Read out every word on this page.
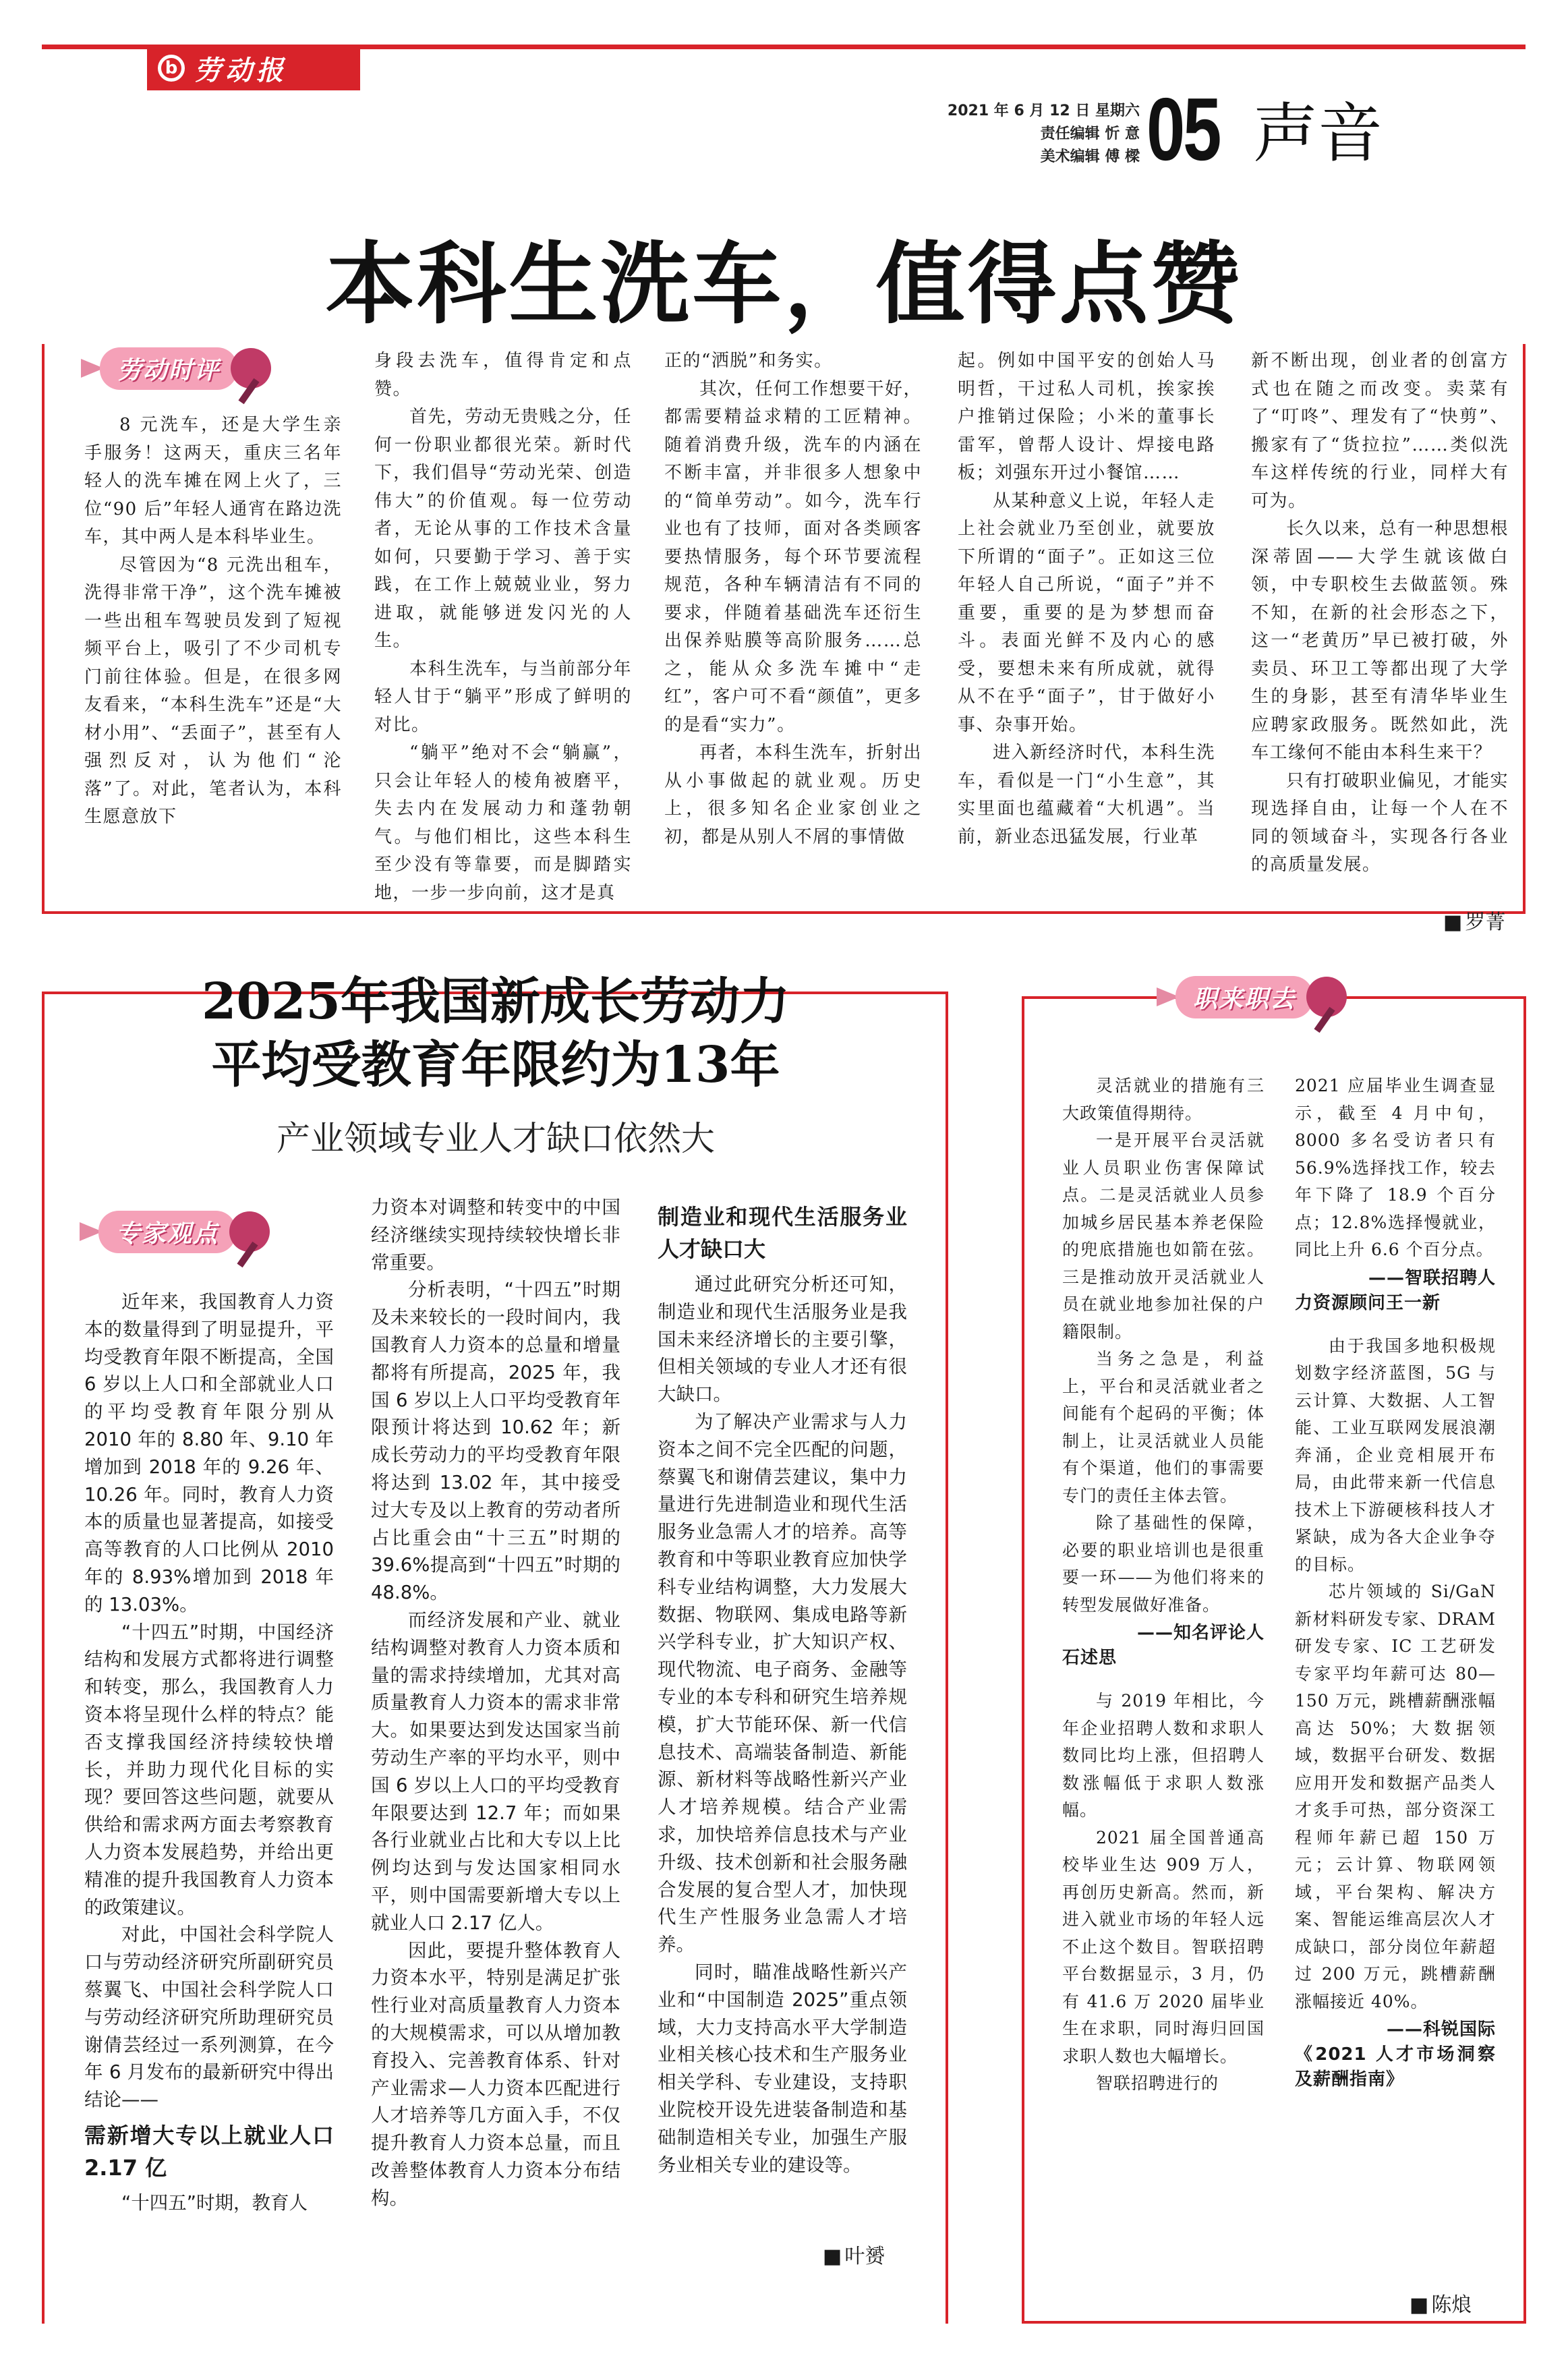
b 劳动报
2021 年 6 月 12 日 星期六
责任编辑 忻 意
美术编辑 傅 樑 05 声音
本科生洗车，值得点赞
劳动时评

8 元洗车，还是大学生亲手服务！这两天，重庆三名年轻人的洗车摊在网上火了，三位“90 后”年轻人通宵在路边洗车，其中两人是本科毕业生。

尽管因为“8 元洗出租车，洗得非常干净”，这个洗车摊被一些出租车驾驶员发到了短视频平台上，吸引了不少司机专门前往体验。但是，在很多网友看来，“本科生洗车”还是“大材小用”、“丢面子”，甚至有人强烈反对，认为他们“沦落”了。对此，笔者认为，本科生愿意放下

身段去洗车，值得肯定和点赞。

首先，劳动无贵贱之分，任何一份职业都很光荣。新时代下，我们倡导“劳动光荣、创造伟大”的价值观。每一位劳动者，无论从事的工作技术含量如何，只要勤于学习、善于实践，在工作上兢兢业业，努力进取，就能够迸发闪光的人生。

本科生洗车，与当前部分年轻人甘于“躺平”形成了鲜明的对比。

“躺平”绝对不会“躺赢”，只会让年轻人的棱角被磨平，失去内在发展动力和蓬勃朝气。与他们相比，这些本科生至少没有等靠要，而是脚踏实地，一步一步向前，这才是真

正的“洒脱”和务实。

其次，任何工作想要干好，都需要精益求精的工匠精神。随着消费升级，洗车的内涵在不断丰富，并非很多人想象中的“简单劳动”。如今，洗车行业也有了技师，面对各类顾客要热情服务，每个环节要流程规范，各种车辆清洁有不同的要求，伴随着基础洗车还衍生出保养贴膜等高阶服务……总之，能从众多洗车摊中“走红”，客户可不看“颜值”，更多的是看“实力”。

再者，本科生洗车，折射出从小事做起的就业观。历史上，很多知名企业家创业之初，都是从别人不屑的事情做

起。例如中国平安的创始人马明哲，干过私人司机，挨家挨户推销过保险；小米的董事长雷军，曾帮人设计、焊接电路板；刘强东开过小餐馆……

从某种意义上说，年轻人走上社会就业乃至创业，就要放下所谓的“面子”。正如这三位年轻人自己所说，“面子”并不重要，重要的是为梦想而奋斗。表面光鲜不及内心的感受，要想未来有所成就，就得从不在乎“面子”，甘于做好小事、杂事开始。

进入新经济时代，本科生洗车，看似是一门“小生意”，其实里面也蕴藏着“大机遇”。当前，新业态迅猛发展，行业革

新不断出现，创业者的创富方式也在随之而改变。卖菜有了“叮咚”、理发有了“快剪”、搬家有了“货拉拉”……类似洗车这样传统的行业，同样大有可为。

长久以来，总有一种思想根深蒂固——大学生就该做白领，中专职校生去做蓝领。殊不知，在新的社会形态之下，这一“老黄历”早已被打破，外卖员、环卫工等都出现了大学生的身影，甚至有清华毕业生应聘家政服务。既然如此，洗车工缘何不能由本科生来干？

只有打破职业偏见，才能实现选择自由，让每一个人在不同的领域奋斗，实现各行各业的高质量发展。

■ 罗菁
2025年我国新成长劳动力
平均受教育年限约为13年
产业领域专业人才缺口依然大
专家观点

近年来，我国教育人力资本的数量得到了明显提升，平均受教育年限不断提高，全国 6 岁以上人口和全部就业人口的平均受教育年限分别从 2010 年的 8.80 年、9.10 年增加到 2018 年的 9.26 年、10.26 年。同时，教育人力资本的质量也显著提高，如接受高等教育的人口比例从 2010 年的 8.93%增加到 2018 年的 13.03%。

“十四五”时期，中国经济结构和发展方式都将进行调整和转变，那么，我国教育人力资本将呈现什么样的特点？能否支撑我国经济持续较快增长，并助力现代化目标的实现？要回答这些问题，就要从供给和需求两方面去考察教育人力资本发展趋势，并给出更精准的提升我国教育人力资本的政策建议。

对此，中国社会科学院人口与劳动经济研究所副研究员蔡翼飞、中国社会科学院人口与劳动经济研究所助理研究员谢倩芸经过一系列测算，在今年 6 月发布的最新研究中得出结论——

需新增大专以上就业人口 2.17 亿

“十四五”时期，教育人

力资本对调整和转变中的中国经济继续实现持续较快增长非常重要。

分析表明，“十四五”时期及未来较长的一段时间内，我国教育人力资本的总量和增量都将有所提高，2025 年，我国 6 岁以上人口平均受教育年限预计将达到 10.62 年；新成长劳动力的平均受教育年限将达到 13.02 年，其中接受过大专及以上教育的劳动者所占比重会由“十三五”时期的 39.6%提高到“十四五”时期的 48.8%。

而经济发展和产业、就业结构调整对教育人力资本质和量的需求持续增加，尤其对高质量教育人力资本的需求非常大。如果要达到发达国家当前劳动生产率的平均水平，则中国 6 岁以上人口的平均受教育年限要达到 12.7 年；而如果各行业就业占比和大专以上比例均达到与发达国家相同水平，则中国需要新增大专以上就业人口 2.17 亿人。

因此，要提升整体教育人力资本水平，特别是满足扩张性行业对高质量教育人力资本的大规模需求，可以从增加教育投入、完善教育体系、针对产业需求—人力资本匹配进行人才培养等几方面入手，不仅提升教育人力资本总量，而且改善整体教育人力资本分布结构。

制造业和现代生活服务业人才缺口大

通过此研究分析还可知，制造业和现代生活服务业是我国未来经济增长的主要引擎，但相关领域的专业人才还有很大缺口。

为了解决产业需求与人力资本之间不完全匹配的问题，蔡翼飞和谢倩芸建议，集中力量进行先进制造业和现代生活服务业急需人才的培养。高等教育和中等职业教育应加快学科专业结构调整，大力发展大数据、物联网、集成电路等新兴学科专业，扩大知识产权、现代物流、电子商务、金融等专业的本专科和研究生培养规模，扩大节能环保、新一代信息技术、高端装备制造、新能源、新材料等战略性新兴产业人才培养规模。结合产业需求，加快培养信息技术与产业升级、技术创新和社会服务融合发展的复合型人才，加快现代生产性服务业急需人才培养。

同时，瞄准战略性新兴产业和“中国制造 2025”重点领域，大力支持高水平大学制造业相关核心技术和生产服务业相关学科、专业建设，支持职业院校开设先进装备制造和基础制造相关专业，加强生产服务业相关专业的建设等。

■ 叶赟
职来职去

灵活就业的措施有三大政策值得期待。

一是开展平台灵活就业人员职业伤害保障试点。二是灵活就业人员参加城乡居民基本养老保险的兜底措施也如箭在弦。三是推动放开灵活就业人员在就业地参加社保的户籍限制。

当务之急是，利益上，平台和灵活就业者之间能有个起码的平衡；体制上，让灵活就业人员能有个渠道，他们的事需要专门的责任主体去管。

除了基础性的保障，必要的职业培训也是很重要一环——为他们将来的转型发展做好准备。

——知名评论人

石述思

与 2019 年相比，今年企业招聘人数和求职人数同比均上涨，但招聘人数涨幅低于求职人数涨幅。

2021 届全国普通高校毕业生达 909 万人，再创历史新高。然而，新进入就业市场的年轻人远不止这个数目。智联招聘平台数据显示，3 月，仍有 41.6 万 2020 届毕业生在求职，同时海归回国求职人数也大幅增长。

智联招聘进行的

2021 应届毕业生调查显示，截至 4 月中旬，8000 多名受访者只有 56.9%选择找工作，较去年下降了 18.9 个百分点；12.8%选择慢就业，同比上升 6.6 个百分点。

——智联招聘人

力资源顾问王一新

由于我国多地积极规划数字经济蓝图，5G 与云计算、大数据、人工智能、工业互联网发展浪潮奔涌，企业竞相展开布局，由此带来新一代信息技术上下游硬核科技人才紧缺，成为各大企业争夺的目标。

芯片领域的 Si/GaN 新材料研发专家、DRAM 研发专家、IC 工艺研发专家平均年薪可达 80—150 万元，跳槽薪酬涨幅高达 50%；大数据领域，数据平台研发、数据应用开发和数据产品类人才炙手可热，部分资深工程师年薪已超 150 万元；云计算、物联网领域，平台架构、解决方案、智能运维高层次人才成缺口，部分岗位年薪超过 200 万元，跳槽薪酬涨幅接近 40%。

——科锐国际

《2021 人才市场洞察及薪酬指南》

■ 陈烺
